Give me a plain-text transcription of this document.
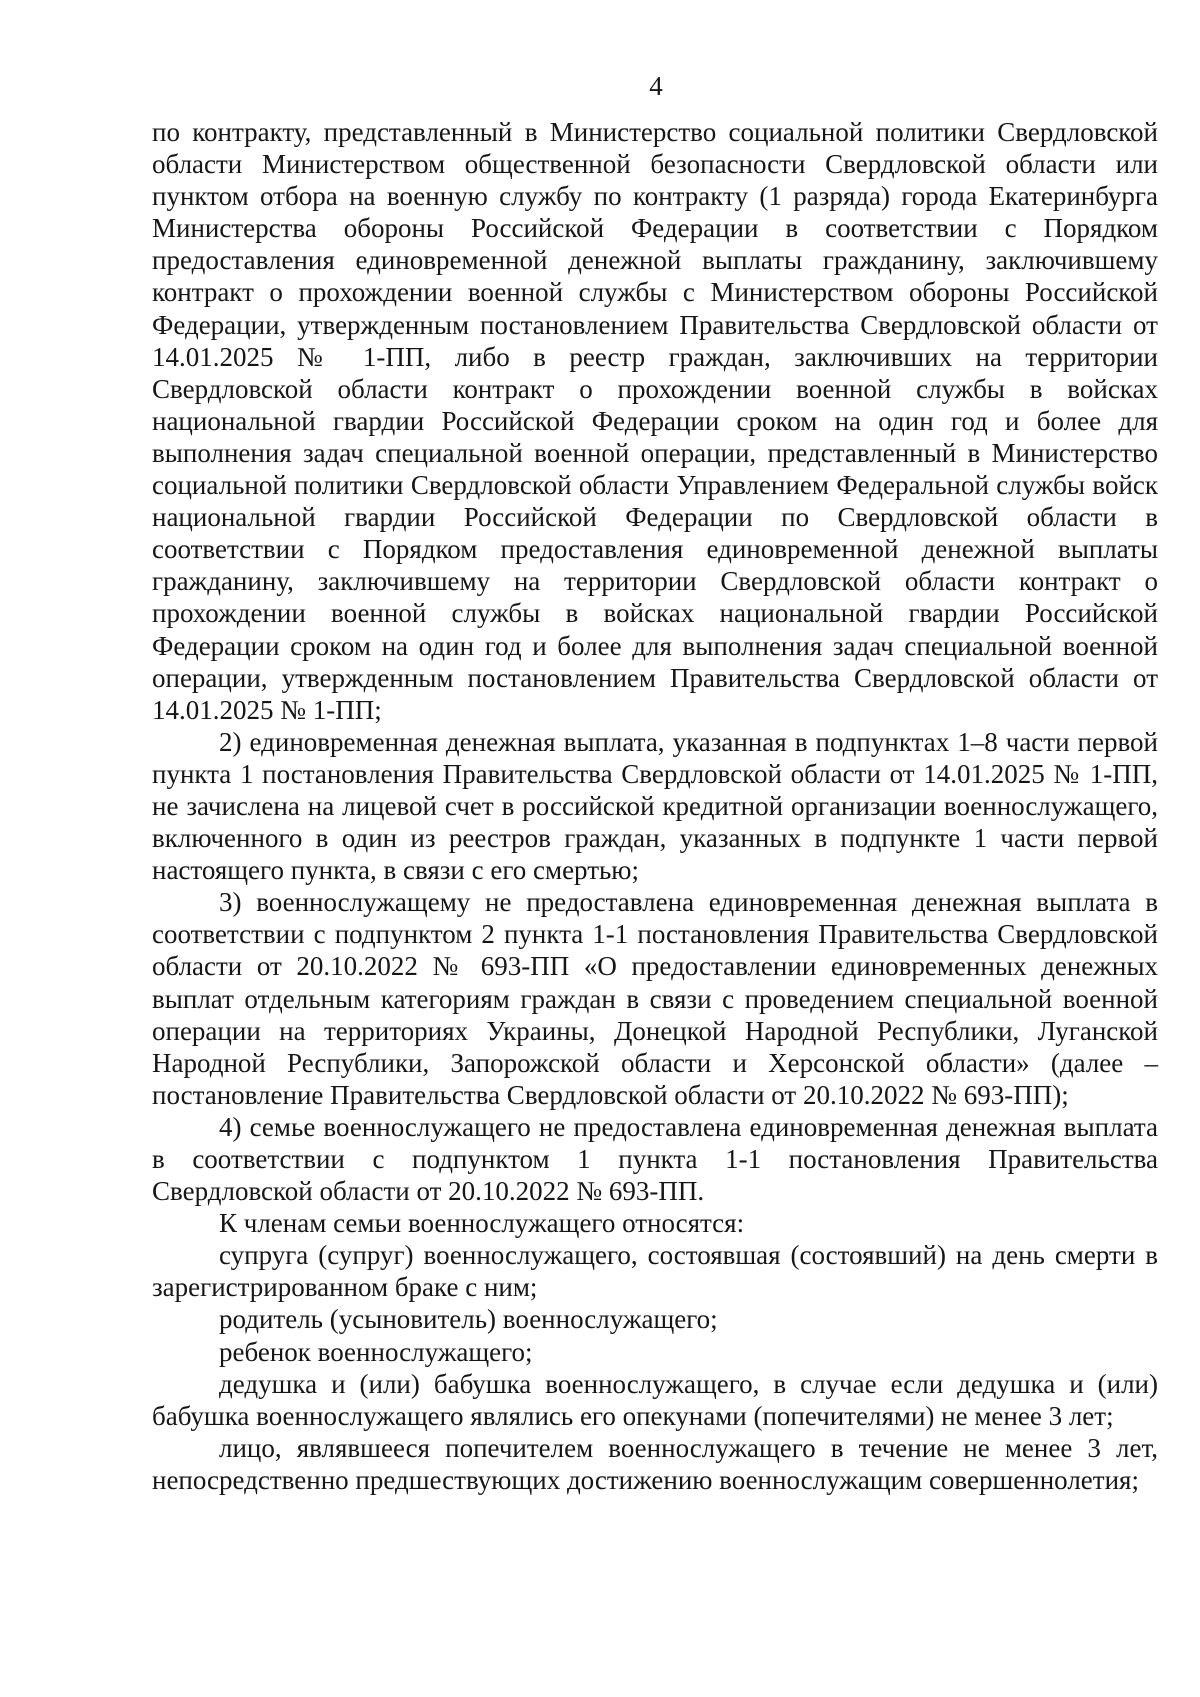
4

по контракту, представленный в Министерство социальной политики Свердловской области Министерством общественной безопасности Свердловской области или пунктом отбора на военную службу по контракту (1 разряда) города Екатеринбурга Министерства обороны Российской Федерации в соответствии с Порядком предоставления единовременной денежной выплаты гражданину, заключившему контракт о прохождении военной службы с Министерством обороны Российской Федерации, утвержденным постановлением Правительства Свердловской области от 14.01.2025 № 1-ПП, либо в реестр граждан, заключивших на территории Свердловской области контракт о прохождении военной службы в войсках национальной гвардии Российской Федерации сроком на один год и более для выполнения задач специальной военной операции, представленный в Министерство социальной политики Свердловской области Управлением Федеральной службы войск национальной гвардии Российской Федерации по Свердловской области в соответствии с Порядком предоставления единовременной денежной выплаты гражданину, заключившему на территории Свердловской области контракт о прохождении военной службы в войсках национальной гвардии Российской Федерации сроком на один год и более для выполнения задач специальной военной операции, утвержденным постановлением Правительства Свердловской области от 14.01.2025 № 1-ПП;

2) единовременная денежная выплата, указанная в подпунктах 1–8 части первой пункта 1 постановления Правительства Свердловской области от 14.01.2025 № 1-ПП, не зачислена на лицевой счет в российской кредитной организации военнослужащего, включенного в один из реестров граждан, указанных в подпункте 1 части первой настоящего пункта, в связи с его смертью;

3) военнослужащему не предоставлена единовременная денежная выплата в соответствии с подпунктом 2 пункта 1-1 постановления Правительства Свердловской области от 20.10.2022 № 693-ПП «О предоставлении единовременных денежных выплат отдельным категориям граждан в связи с проведением специальной военной операции на территориях Украины, Донецкой Народной Республики, Луганской Народной Республики, Запорожской области и Херсонской области» (далее – постановление Правительства Свердловской области от 20.10.2022 № 693-ПП);

4) семье военнослужащего не предоставлена единовременная денежная выплата в соответствии с подпунктом 1 пункта 1-1 постановления Правительства Свердловской области от 20.10.2022 № 693-ПП.

К членам семьи военнослужащего относятся:

супруга (супруг) военнослужащего, состоявшая (состоявший) на день смерти в зарегистрированном браке с ним;

родитель (усыновитель) военнослужащего;

ребенок военнослужащего;

дедушка и (или) бабушка военнослужащего, в случае если дедушка и (или) бабушка военнослужащего являлись его опекунами (попечителями) не менее 3 лет;

лицо, являвшееся попечителем военнослужащего в течение не менее 3 лет, непосредственно предшествующих достижению военнослужащим совершеннолетия;
